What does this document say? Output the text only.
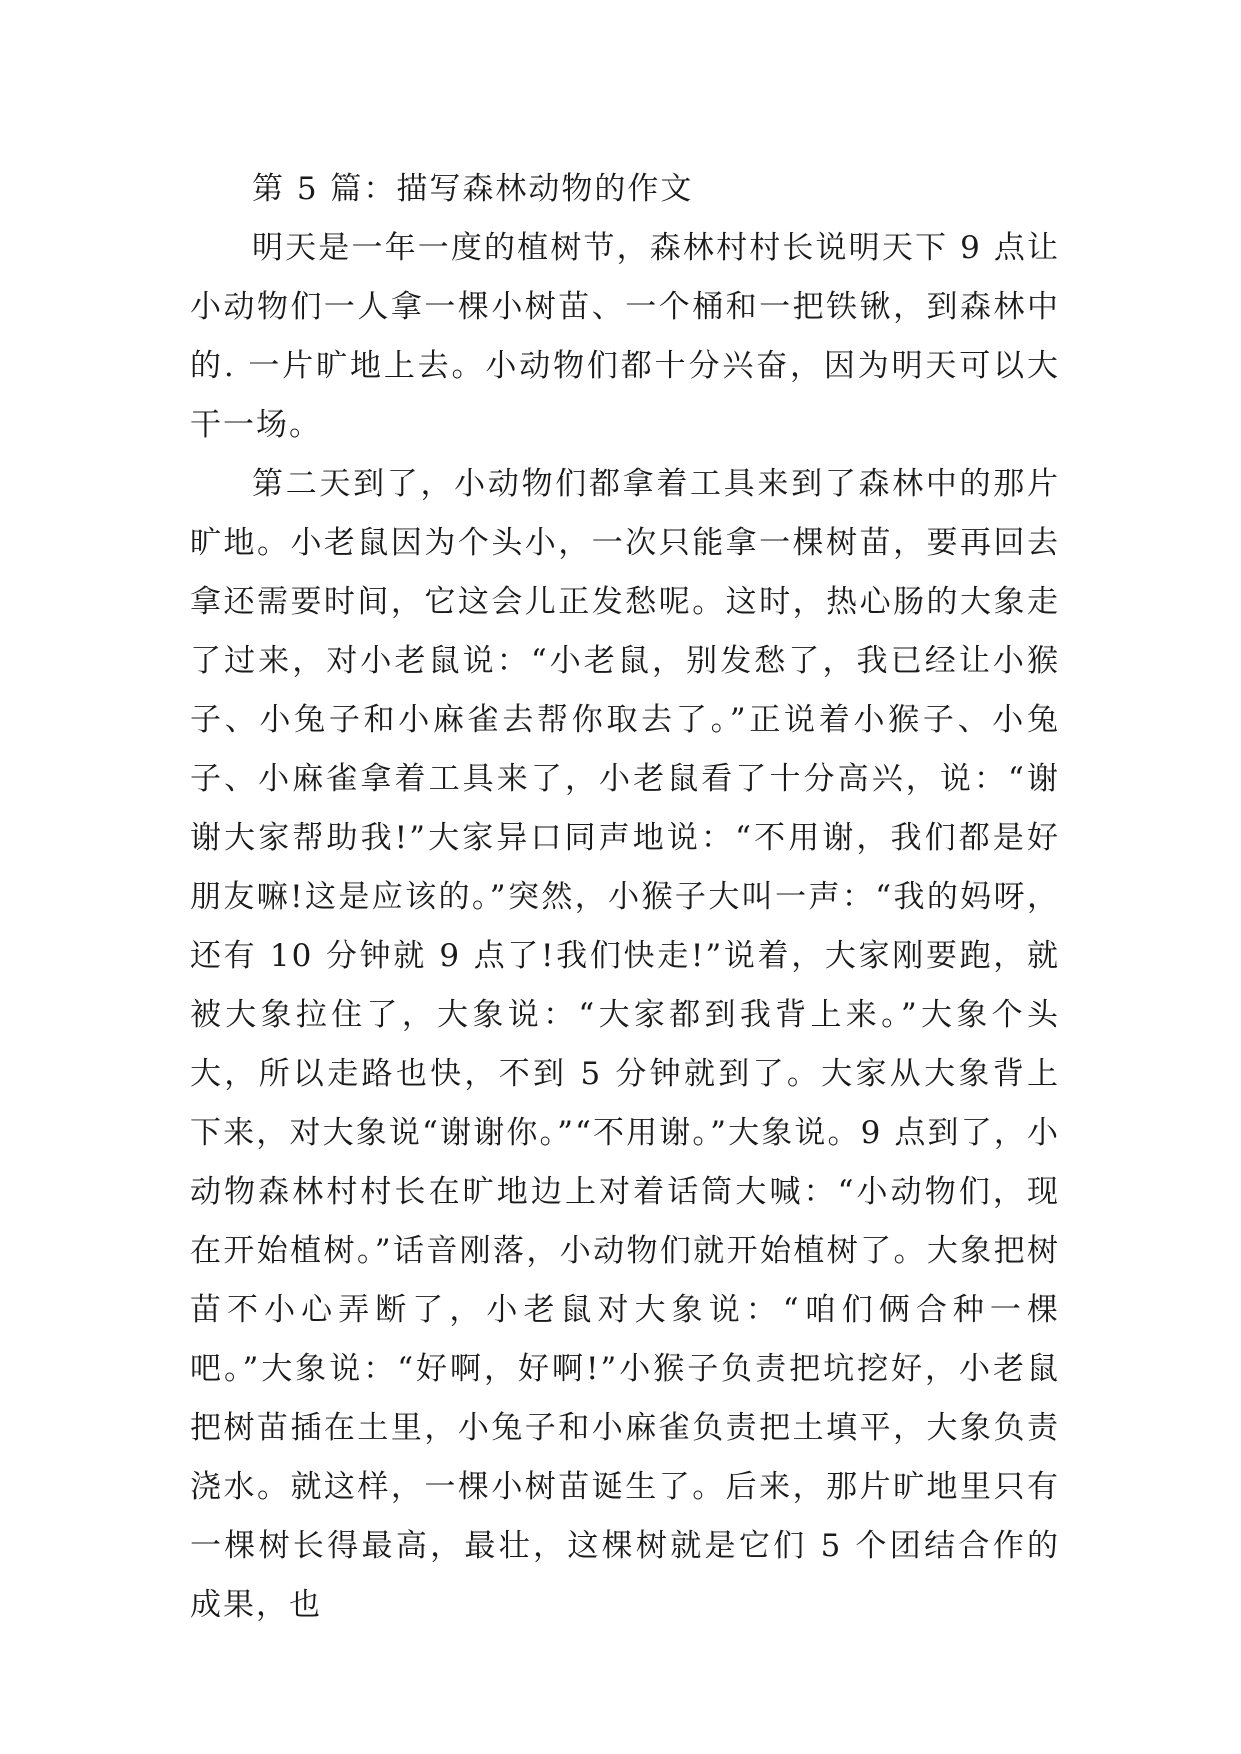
第 5 篇：描写森林动物的作文

明天是一年一度的植树节，森林村村长说明天下 9 点让小动物们一人拿一棵小树苗、一个桶和一把铁锹，到森林中的. 一片旷地上去。小动物们都十分兴奋，因为明天可以大干一场。

第二天到了，小动物们都拿着工具来到了森林中的那片旷地。小老鼠因为个头小，一次只能拿一棵树苗，要再回去拿还需要时间，它这会儿正发愁呢。这时，热心肠的大象走了过来，对小老鼠说：“小老鼠，别发愁了，我已经让小猴子、小兔子和小麻雀去帮你取去了。”正说着小猴子、小兔子、小麻雀拿着工具来了，小老鼠看了十分高兴，说：“谢谢大家帮助我!”大家异口同声地说：“不用谢，我们都是好朋友嘛!这是应该的。”突然，小猴子大叫一声：“我的妈呀，还有 10 分钟就 9 点了!我们快走!”说着，大家刚要跑，就被大象拉住了，大象说：“大家都到我背上来。”大象个头大，所以走路也快，不到 5 分钟就到了。大家从大象背上下来，对大象说“谢谢你。”“不用谢。”大象说。9 点到了，小动物森林村村长在旷地边上对着话筒大喊：“小动物们，现在开始植树。”话音刚落，小动物们就开始植树了。大象把树苗不小心弄断了，小老鼠对大象说：“咱们俩合种一棵吧。”大象说：“好啊，好啊!”小猴子负责把坑挖好，小老鼠把树苗插在土里，小兔子和小麻雀负责把土填平，大象负责浇水。就这样，一棵小树苗诞生了。后来，那片旷地里只有一棵树长得最高，最壮，这棵树就是它们 5 个团结合作的成果，也
